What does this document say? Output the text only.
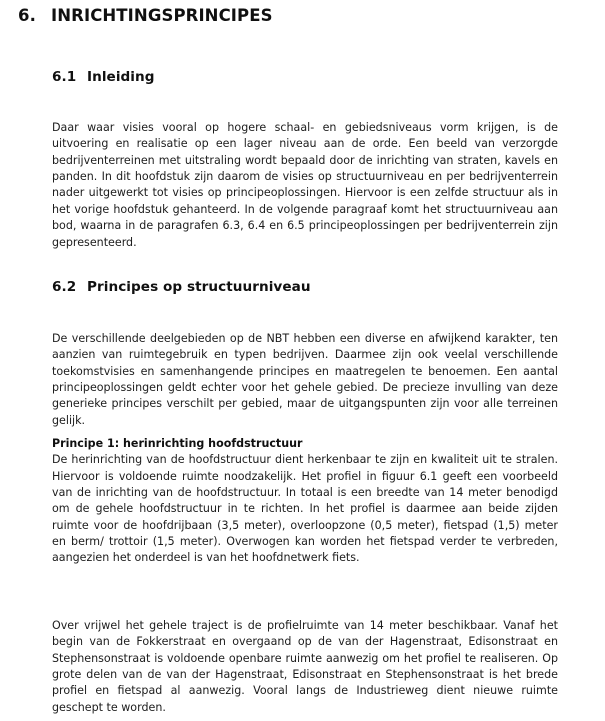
6. INRICHTINGSPRINCIPES
6.1 Inleiding

Daar waar visies vooral op hogere schaal- en gebiedsniveaus vorm krijgen, is de uitvoering en realisatie op een lager niveau aan de orde. Een beeld van verzorgde bedrijventerreinen met uitstraling wordt bepaald door de inrichting van straten, kavels en panden. In dit hoofdstuk zijn daarom de visies op structuurniveau en per bedrijventerrein nader uitgewerkt tot visies op principeoplossingen. Hiervoor is een zelfde structuur als in het vorige hoofdstuk gehanteerd. In de volgende paragraaf komt het structuurniveau aan bod, waarna in de paragrafen 6.3, 6.4 en 6.5 principeoplossingen per bedrijventerrein zijn gepresenteerd.

6.2 Principes op structuurniveau

De verschillende deelgebieden op de NBT hebben een diverse en afwijkend karakter, ten aanzien van ruimtegebruik en typen bedrijven. Daarmee zijn ook veelal verschillende toekomstvisies en samenhangende principes en maatregelen te benoemen. Een aantal principeoplossingen geldt echter voor het gehele gebied. De precieze invulling van deze generieke principes verschilt per gebied, maar de uitgangspunten zijn voor alle terreinen gelijk.

Principe 1: herinrichting hoofdstructuur
De herinrichting van de hoofdstructuur dient herkenbaar te zijn en kwaliteit uit te stralen. Hiervoor is voldoende ruimte noodzakelijk. Het profiel in figuur 6.1 geeft een voorbeeld van de inrichting van de hoofdstructuur. In totaal is een breedte van 14 meter benodigd om de gehele hoofdstructuur in te richten. In het profiel is daarmee aan beide zijden ruimte voor de hoofdrijbaan (3,5 meter), overloopzone (0,5 meter), fietspad (1,5) meter en berm/ trottoir (1,5 meter). Overwogen kan worden het fietspad verder te verbreden, aangezien het onderdeel is van het hoofdnetwerk fiets.

Over vrijwel het gehele traject is de profielruimte van 14 meter beschikbaar. Vanaf het begin van de Fokkerstraat en overgaand op de van der Hagenstraat, Edisonstraat en Stephensonstraat is voldoende openbare ruimte aanwezig om het profiel te realiseren. Op grote delen van de van der Hagenstraat, Edisonstraat en Stephensonstraat is het brede profiel en fietspad al aanwezig. Vooral langs de Industrieweg dient nieuwe ruimte geschept te worden.
